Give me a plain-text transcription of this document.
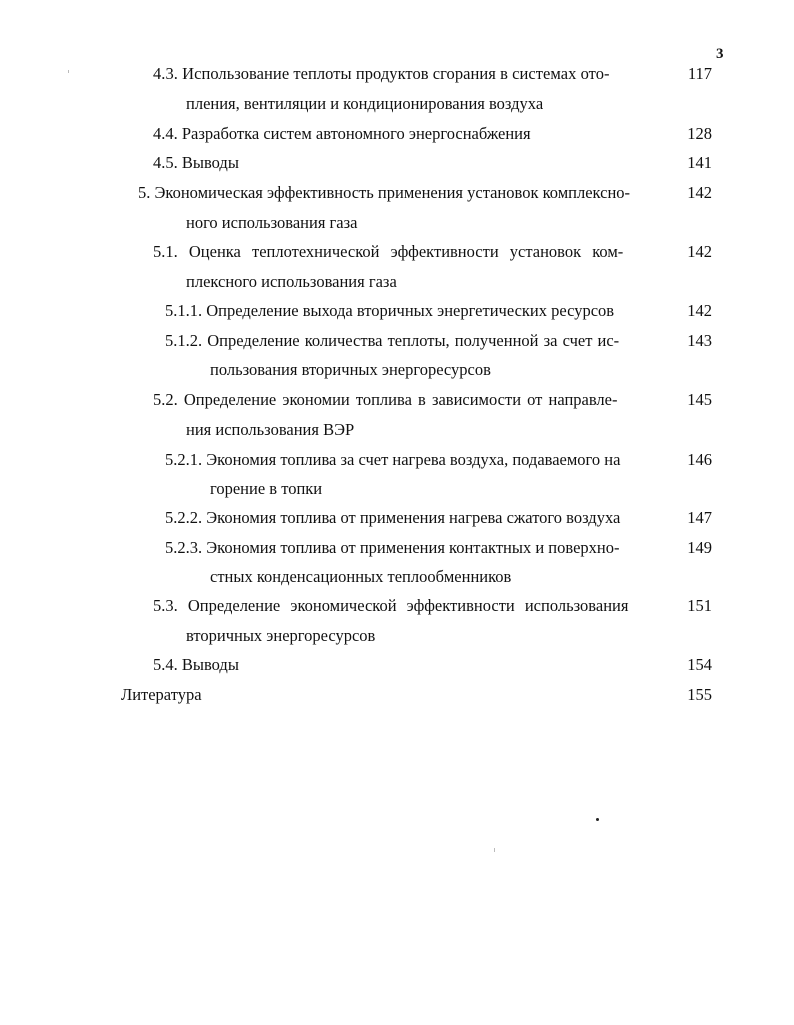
3
4.3. Использование теплоты продуктов сгорания в системах ото-	117
пления, вентиляции и кондиционирования воздуха
4.4. Разработка систем автономного энергоснабжения	128
4.5. Выводы	141
5. Экономическая эффективность применения установок комплексно-	142
ного использования газа
5.1. Оценка теплотехнической эффективности установок ком-	142
плексного использования газа
5.1.1. Определение выхода вторичных энергетических ресурсов	142
5.1.2. Определение количества теплоты, полученной за счет ис-	143
пользования вторичных энергоресурсов
5.2. Определение экономии топлива в зависимости от направле-	145
ния использования ВЭР
5.2.1. Экономия топлива за счет нагрева воздуха, подаваемого на	146
горение в топки
5.2.2. Экономия топлива от применения нагрева сжатого воздуха	147
5.2.3. Экономия топлива от применения контактных и поверхно-	149
стных конденсационных теплообменников
5.3. Определение экономической эффективности использования	151
вторичных энергоресурсов
5.4. Выводы	154
Литература	155
